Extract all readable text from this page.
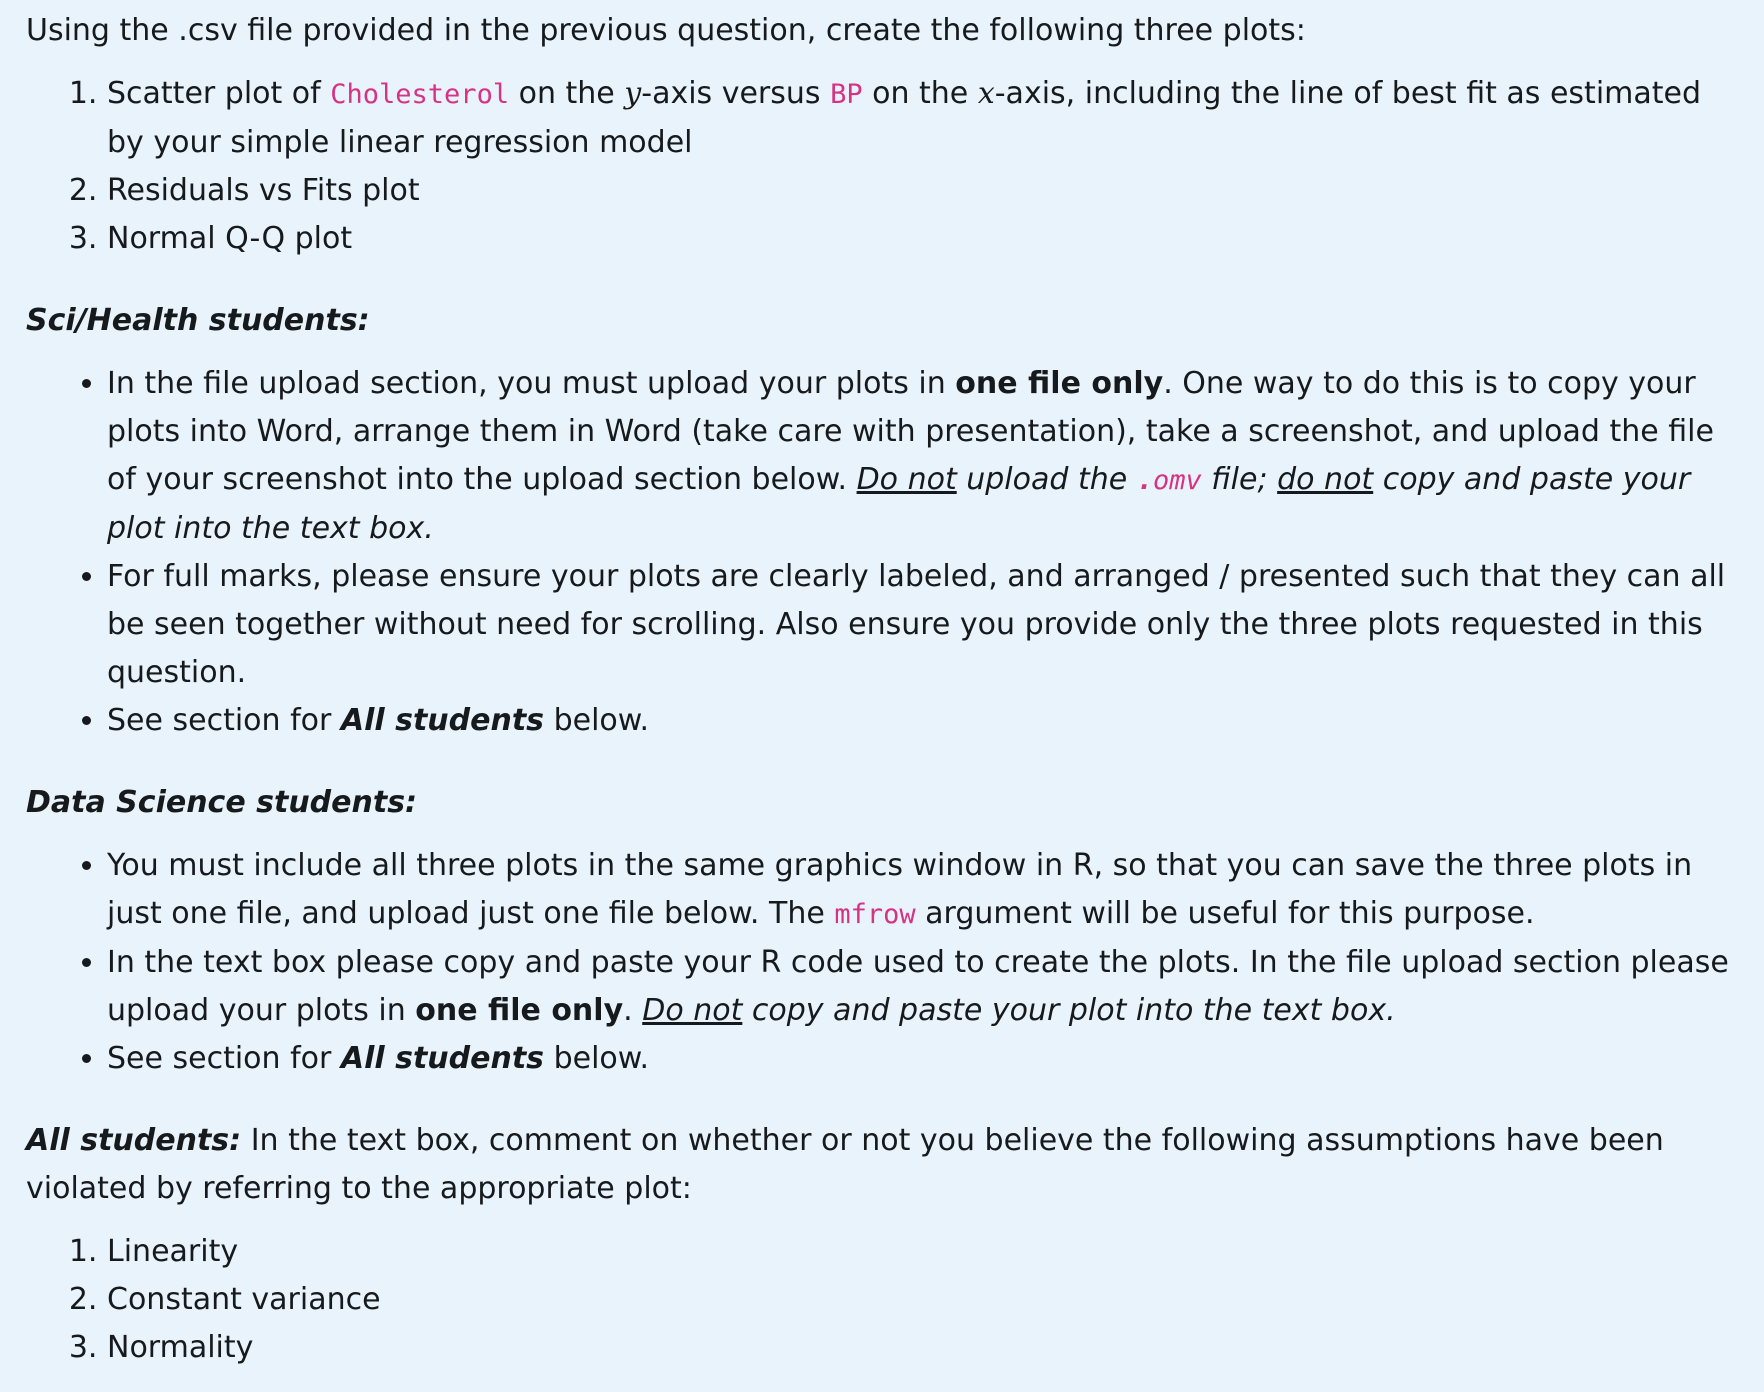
Using the .csv file provided in the previous question, create the following three plots:

1. Scatter plot of Cholesterol on the y-axis versus BP on the x-axis, including the line of best fit as estimated by your simple linear regression model
2. Residuals vs Fits plot
3. Normal Q-Q plot

Sci/Health students:

• In the file upload section, you must upload your plots in one file only. One way to do this is to copy your plots into Word, arrange them in Word (take care with presentation), take a screenshot, and upload the file of your screenshot into the upload section below. Do not upload the .omv file; do not copy and paste your plot into the text box.
• For full marks, please ensure your plots are clearly labeled, and arranged / presented such that they can all be seen together without need for scrolling. Also ensure you provide only the three plots requested in this question.
• See section for All students below.

Data Science students:

• You must include all three plots in the same graphics window in R, so that you can save the three plots in just one file, and upload just one file below. The mfrow argument will be useful for this purpose.
• In the text box please copy and paste your R code used to create the plots. In the file upload section please upload your plots in one file only. Do not copy and paste your plot into the text box.
• See section for All students below.

All students: In the text box, comment on whether or not you believe the following assumptions have been violated by referring to the appropriate plot:

1. Linearity
2. Constant variance
3. Normality
